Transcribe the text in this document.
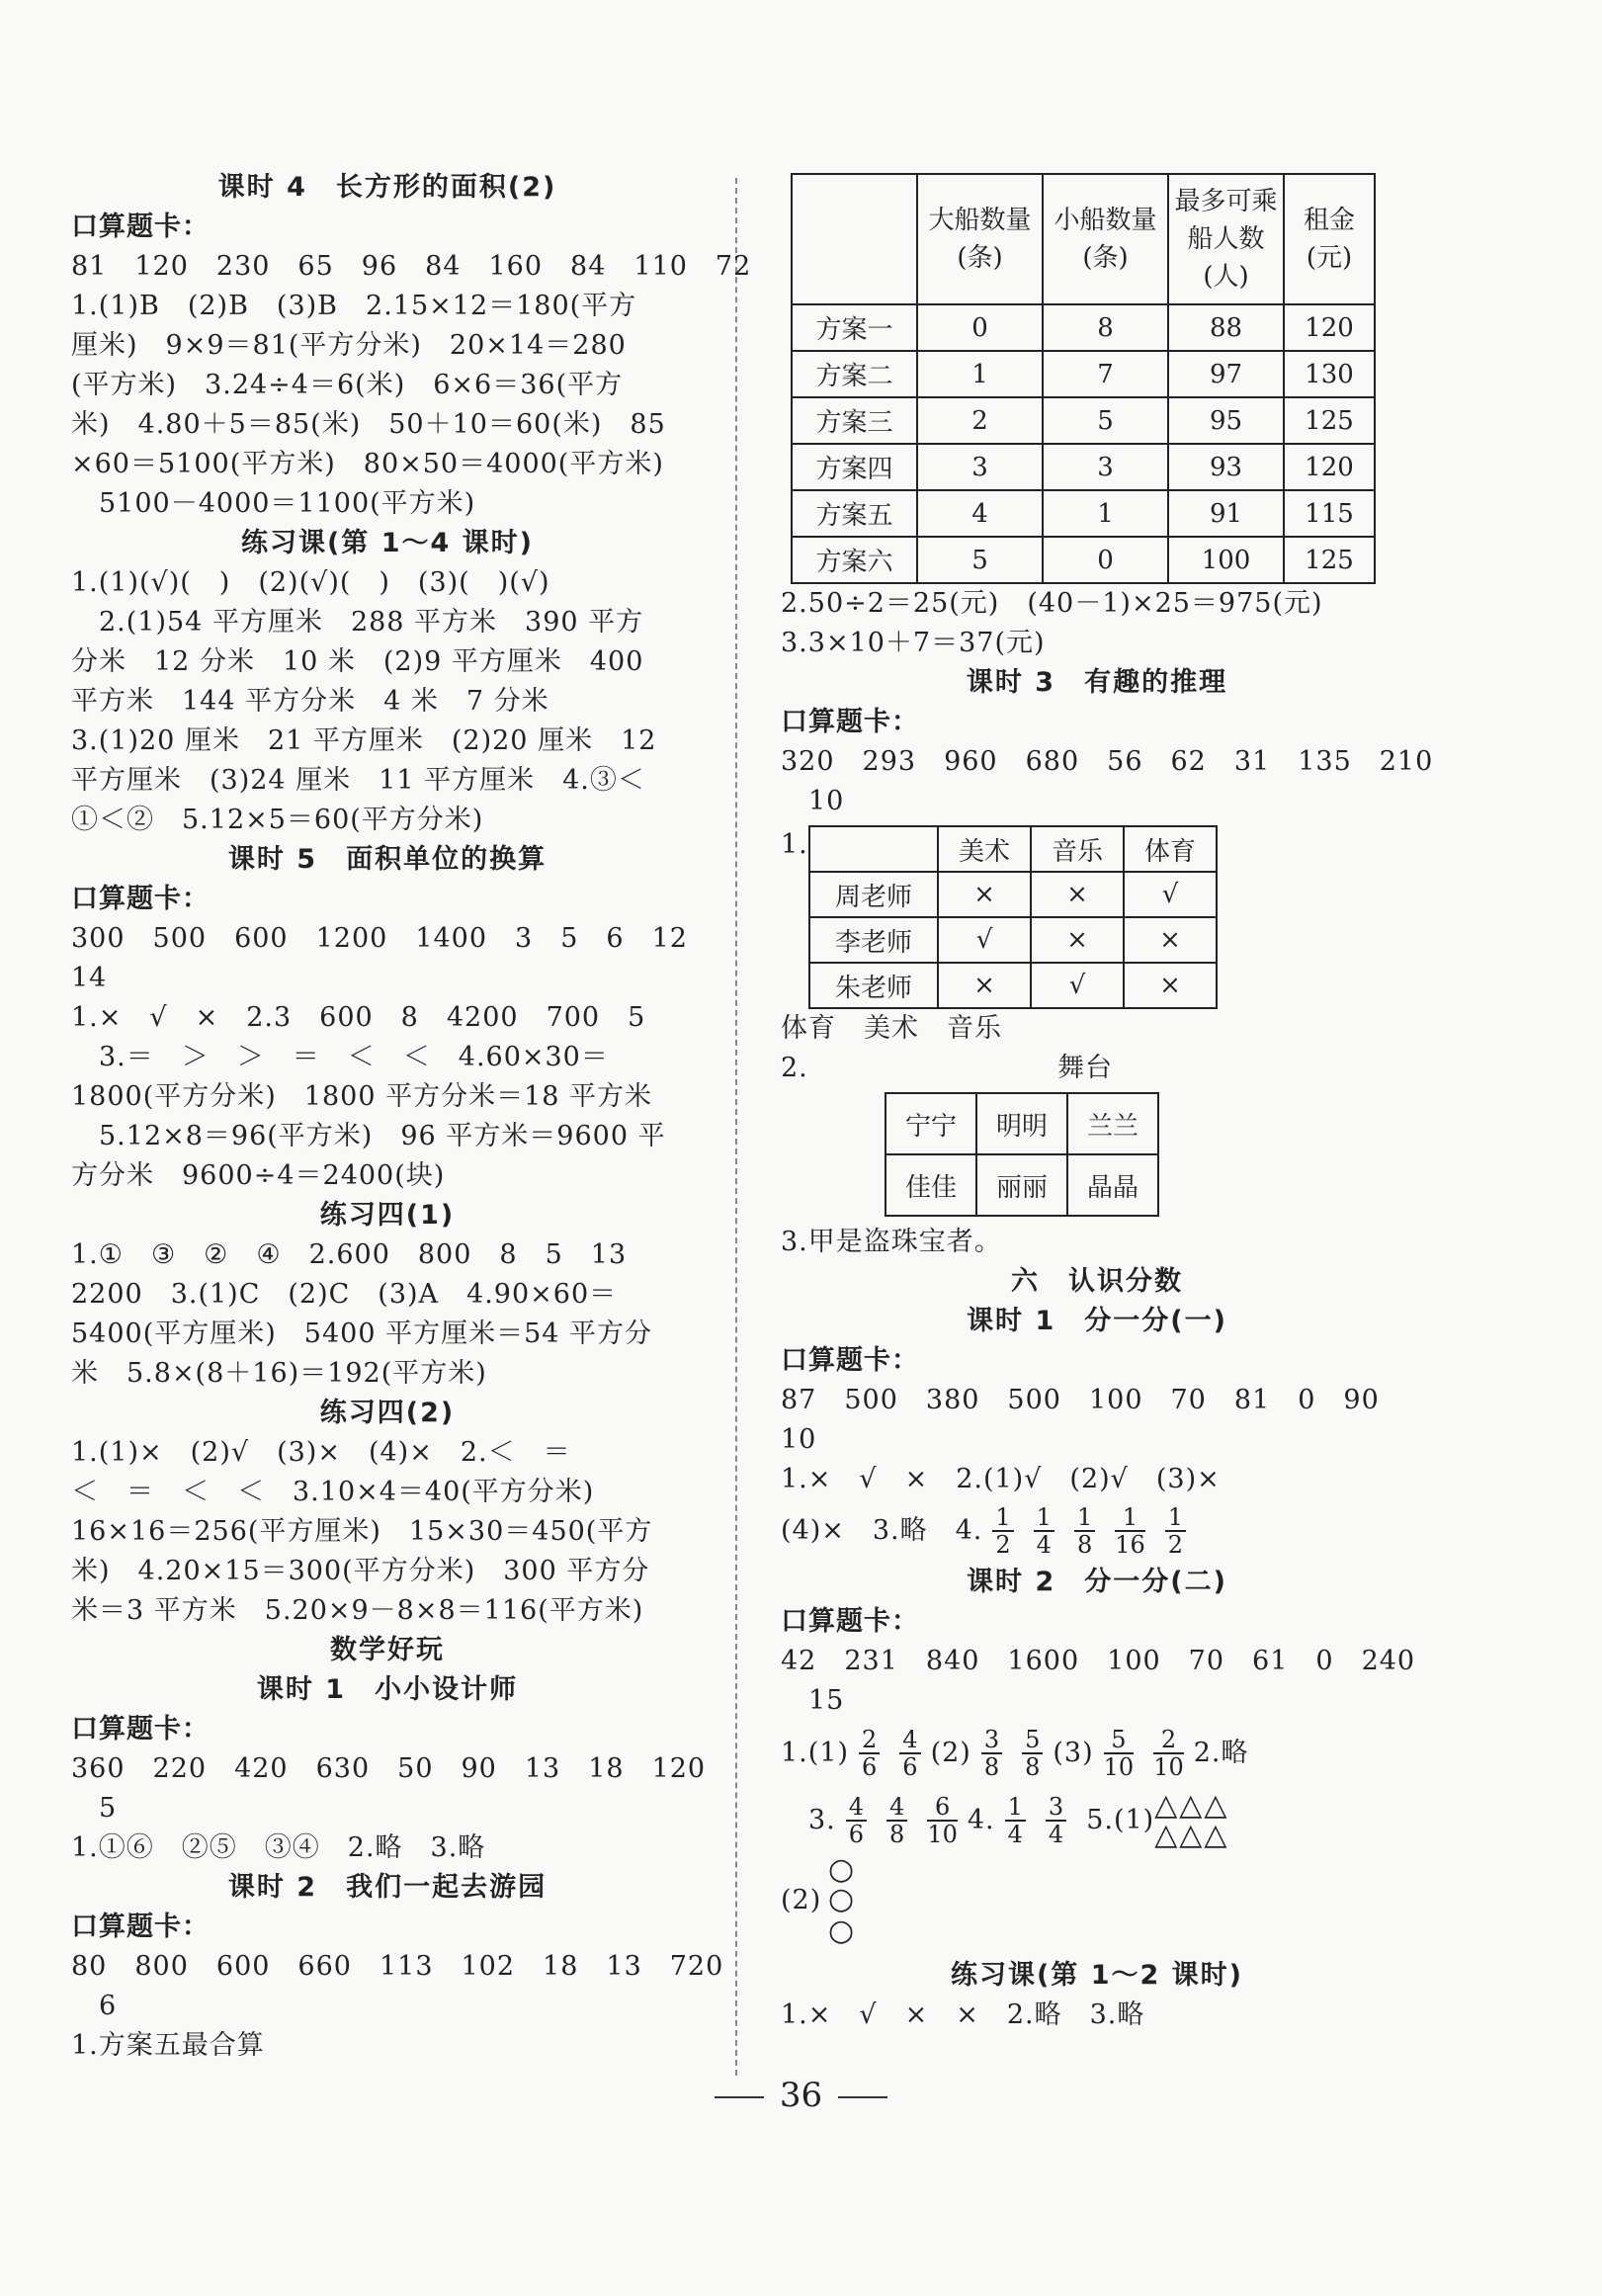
课时 4　长方形的面积(2)
口算题卡：
81　120　230　65　96　84　160　84　110　72
1.(1)B　(2)B　(3)B　2.15×12＝180(平方
厘米)　9×9＝81(平方分米)　20×14＝280
(平方米)　3.24÷4＝6(米)　6×6＝36(平方
米)　4.80＋5＝85(米)　50＋10＝60(米)　85
×60＝5100(平方米)　80×50＝4000(平方米)
5100－4000＝1100(平方米)
练习课(第 1～4 课时)
1.(1)(√)(　)　(2)(√)(　)　(3)(　)(√)
2.(1)54 平方厘米　288 平方米　390 平方
分米　12 分米　10 米　(2)9 平方厘米　400
平方米　144 平方分米　4 米　7 分米
3.(1)20 厘米　21 平方厘米　(2)20 厘米　12
平方厘米　(3)24 厘米　11 平方厘米　4.③＜
①＜②　5.12×5＝60(平方分米)
课时 5　面积单位的换算
口算题卡：
300　500　600　1200　1400　3　5　6　12
14
1.×　√　×　2.3　600　8　4200　700　5
3.＝　＞　＞　＝　＜　＜　4.60×30＝
1800(平方分米)　1800 平方分米＝18 平方米
5.12×8＝96(平方米)　96 平方米＝9600 平
方分米　9600÷4＝2400(块)
练习四(1)
1.①　③　②　④　2.600　800　8　5　13
2200　3.(1)C　(2)C　(3)A　4.90×60＝
5400(平方厘米)　5400 平方厘米＝54 平方分
米　5.8×(8＋16)＝192(平方米)
练习四(2)
1.(1)×　(2)√　(3)×　(4)×　2.＜　＝
＜　＝　＜　＜　3.10×4＝40(平方分米)
16×16＝256(平方厘米)　15×30＝450(平方
米)　4.20×15＝300(平方分米)　300 平方分
米＝3 平方米　5.20×9－8×8＝116(平方米)
数学好玩
课时 1　小小设计师
口算题卡：
360　220　420　630　50　90　13　18　120
5
1.①⑥　②⑤　③④　2.略　3.略
课时 2　我们一起去游园
口算题卡：
80　800　600　660　113　102　18　13　720
6
1.方案五最合算
	大船数量(条)	小船数量(条)	最多可乘船人数(人)	租金(元)
方案一	0	8	88	120
方案二	1	7	97	130
方案三	2	5	95	125
方案四	3	3	93	120
方案五	4	1	91	115
方案六	5	0	100	125
2.50÷2＝25(元)　(40－1)×25＝975(元)
3.3×10＋7＝37(元)
课时 3　有趣的推理
口算题卡：
320　293　960　680　56　62　31　135　210
10
1.
		美术	音乐	体育
周老师	×	×	√
李老师	√	×	×
朱老师	×	√	×
体育　美术　音乐
2.	舞台
宁宁	明明	兰兰
佳佳	丽丽	晶晶
3.甲是盗珠宝者。
六　认识分数
课时 1　分一分(一)
口算题卡：
87　500　380　500　100　70　81　0　90
10
1.×　√　×　2.(1)√　(2)√　(3)×
(4)×　3.略　4. $\frac{1}{2} \frac{1}{4} \frac{1}{8} \frac{1}{16} \frac{1}{2}$
课时 2　分一分(二)
口算题卡：
42　231　840　1600　100　70　61　0　240
15
$1.(1) \frac{2}{6} \frac{4}{6} (2) \frac{3}{8} \frac{5}{8} (3) \frac{5}{10} \frac{2}{10} 2$.略
3. $\frac{4}{6} \frac{4}{8} \frac{6}{10} 4$. $\frac{1}{4} \frac{3}{4} 5.(1)$ △△△
△△△
○
(2) ○
○
练习课(第 1～2 课时)
1.×　√　×　×　2.略　3.略
36
